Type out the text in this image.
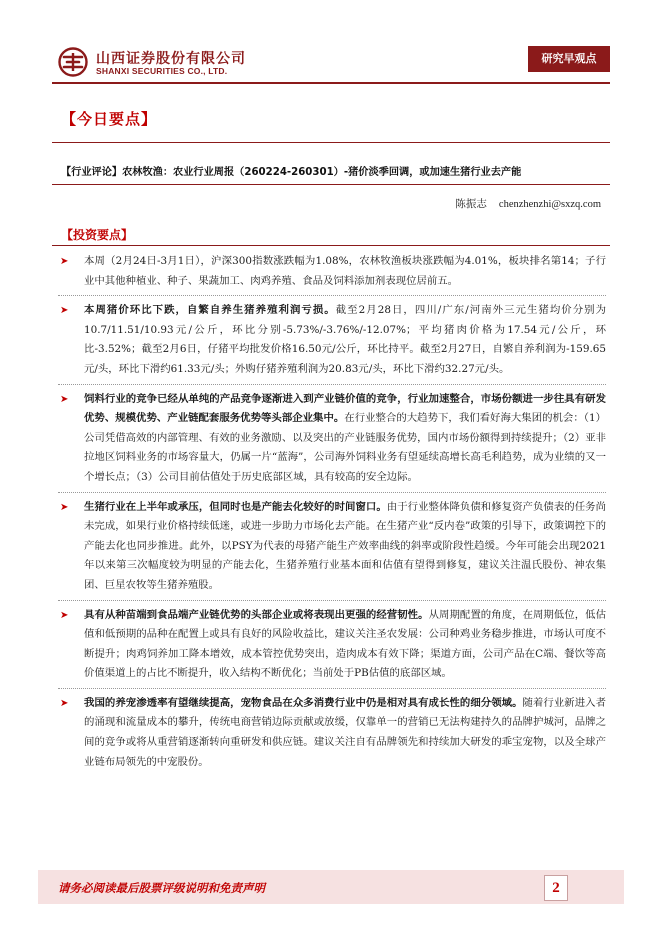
山西证券股份有限公司
SHANXI SECURITIES CO., LTD.
研究早观点
【今日要点】
【行业评论】农林牧渔：农业行业周报（260224-260301）-猪价淡季回调，或加速生猪行业去产能
陈振志 chenzhenzhi@sxzq.com
【投资要点】
➤ 本周（2月24日-3月1日），沪深300指数涨跌幅为1.08%，农林牧渔板块涨跌幅为4.01%，板块排名第14；子行业中其他种植业、种子、果蔬加工、肉鸡养殖、食品及饲料添加剂表现位居前五。
➤ 本周猪价环比下跌，自繁自养生猪养殖利润亏损。截至2月28日，四川/广东/河南外三元生猪均价分别为10.7/11.51/10.93元/公斤，环比分别-5.73%/-3.76%/-12.07%；平均猪肉价格为17.54元/公斤，环比-3.52%；截至2月6日，仔猪平均批发价格16.50元/公斤，环比持平。截至2月27日，自繁自养利润为-159.65元/头，环比下滑约61.33元/头；外购仔猪养殖利润为20.83元/头，环比下滑约32.27元/头。
➤ 饲料行业的竞争已经从单纯的产品竞争逐渐进入到产业链价值的竞争，行业加速整合，市场份额进一步往具有研发优势、规模优势、产业链配套服务优势等头部企业集中。在行业整合的大趋势下，我们看好海大集团的机会：（1）公司凭借高效的内部管理、有效的业务激励、以及突出的产业链服务优势，国内市场份额得到持续提升；（2）亚非拉地区饲料业务的市场容量大，仍属一片“蓝海”，公司海外饲料业务有望延续高增长高毛利趋势，成为业绩的又一个增长点；（3）公司目前估值处于历史底部区域，具有较高的安全边际。
➤ 生猪行业在上半年或承压，但同时也是产能去化较好的时间窗口。由于行业整体降负债和修复资产负债表的任务尚未完成，如果行业价格持续低迷，或进一步助力市场化去产能。在生猪产业“反内卷”政策的引导下，政策调控下的产能去化也同步推进。此外，以PSY为代表的母猪产能生产效率曲线的斜率或阶段性趋缓。今年可能会出现2021年以来第三次幅度较为明显的产能去化，生猪养殖行业基本面和估值有望得到修复，建议关注温氏股份、神农集团、巨星农牧等生猪养殖股。
➤ 具有从种苗端到食品端产业链优势的头部企业或将表现出更强的经营韧性。从周期配置的角度，在周期低位，低估值和低预期的品种在配置上或具有良好的风险收益比，建议关注圣农发展：公司种鸡业务稳步推进，市场认可度不断提升；肉鸡饲养加工降本增效，成本管控优势突出，造肉成本有效下降；渠道方面，公司产品在C端、餐饮等高价值渠道上的占比不断提升，收入结构不断优化；当前处于PB估值的底部区域。
➤ 我国的养宠渗透率有望继续提高，宠物食品在众多消费行业中仍是相对具有成长性的细分领域。随着行业新进入者的涌现和流量成本的攀升，传统电商营销边际贡献或放缓，仅靠单一的营销已无法构建持久的品牌护城河，品牌之间的竞争或将从重营销逐渐转向重研发和供应链。建议关注自有品牌领先和持续加大研发的乖宝宠物，以及全球产业链布局领先的中宠股份。
请务必阅读最后股票评级说明和免责声明	2
